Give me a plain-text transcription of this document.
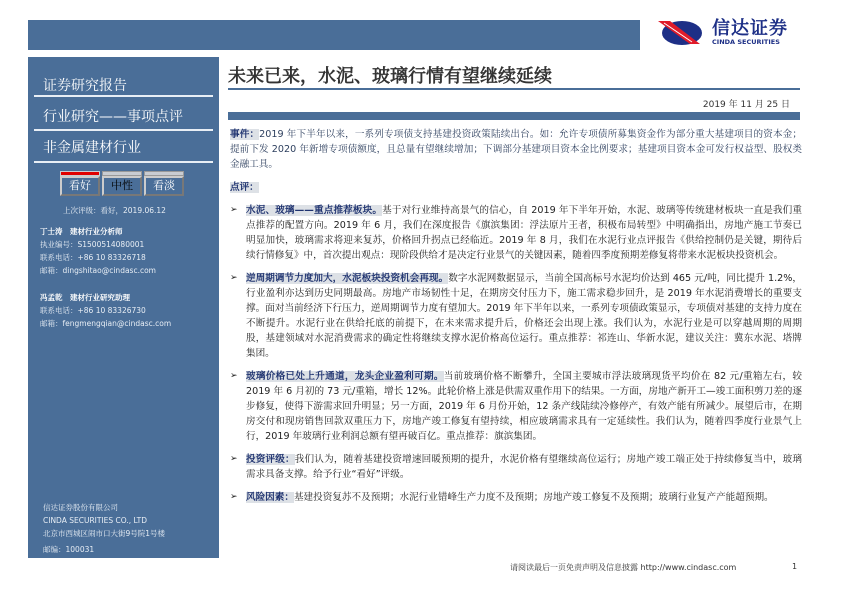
信达证券
CINDA SECURITIES
证券研究报告
行业研究——事项点评
非金属建材行业
看好	中性	看淡
上次评级：看好，2019.06.12
丁士涛　建材行业分析师
执业编号：S1500514080001
联系电话：+86 10 83326718
邮箱：dingshitao@cindasc.com
冯孟乾　建材行业研究助理
联系电话：+86 10 83326730
邮箱：fengmengqian@cindasc.com
信达证券股份有限公司
CINDA SECURITIES CO., LTD
北京市西城区闹市口大街9号院1号楼
邮编：100031
未来已来，水泥、玻璃行情有望继续延续
2019 年 11 月 25 日
事件：2019 年下半年以来，一系列专项债支持基建投资政策陆续出台。如：允许专项债所募集资金作为部分重大基建项目的资本金；提前下发 2020 年新增专项债额度，且总量有望继续增加；下调部分基建项目资本金比例要求；基建项目资本金可发行权益型、股权类金融工具。
点评：
➢ 水泥、玻璃——重点推荐板块。基于对行业维持高景气的信心，自 2019 年下半年开始，水泥、玻璃等传统建材板块一直是我们重点推荐的配置方向。2019 年 6 月，我们在深度报告《旗滨集团：浮法原片王者，积极布局转型》中明确指出，房地产施工节奏已明显加快，玻璃需求将迎来复苏，价格回升拐点已经临近。2019 年 8 月，我们在水泥行业点评报告《供给控制仍是关键，期待后续行情修复》中，首次提出观点：现阶段供给才是决定行业景气的关键因素，随着四季度预期差修复将带来水泥板块投资机会。
➢ 逆周期调节力度加大，水泥板块投资机会再现。数字水泥网数据显示，当前全国高标号水泥均价达到 465 元/吨，同比提升 1.2%，行业盈利亦达到历史同期最高。房地产市场韧性十足，在期房交付压力下，施工需求稳步回升，是 2019 年水泥消费增长的重要支撑。面对当前经济下行压力，逆周期调节力度有望加大。2019 年下半年以来，一系列专项债政策显示，专项债对基建的支持力度在不断提升。水泥行业在供给托底的前提下，在未来需求提升后，价格还会出现上涨。我们认为，水泥行业是可以穿越周期的周期股，基建领域对水泥消费需求的确定性将继续支撑水泥价格高位运行。重点推荐：祁连山、华新水泥，建议关注：冀东水泥、塔牌集团。
➢ 玻璃价格已处上升通道，龙头企业盈利可期。当前玻璃价格不断攀升，全国主要城市浮法玻璃现货平均价在 82 元/重箱左右，较 2019 年 6 月初的 73 元/重箱，增长 12%。此轮价格上涨是供需双重作用下的结果。一方面，房地产新开工—竣工面积剪刀差的逐步修复，使得下游需求回升明显；另一方面，2019 年 6 月份开始，12 条产线陆续冷修停产，有效产能有所减少。展望后市，在期房交付和现房销售回款双重压力下，房地产竣工修复有望持续，相应玻璃需求具有一定延续性。我们认为，随着四季度行业景气上行，2019 年玻璃行业利润总额有望再破百亿。重点推荐：旗滨集团。
➢ 投资评级：我们认为，随着基建投资增速回暖预期的提升，水泥价格有望继续高位运行；房地产竣工端正处于持续修复当中，玻璃需求具备支撑。给予行业“看好”评级。
➢ 风险因素：基建投资复苏不及预期；水泥行业错峰生产力度不及预期；房地产竣工修复不及预期；玻璃行业复产产能超预期。
请阅读最后一页免责声明及信息披露 http://www.cindasc.com	1
